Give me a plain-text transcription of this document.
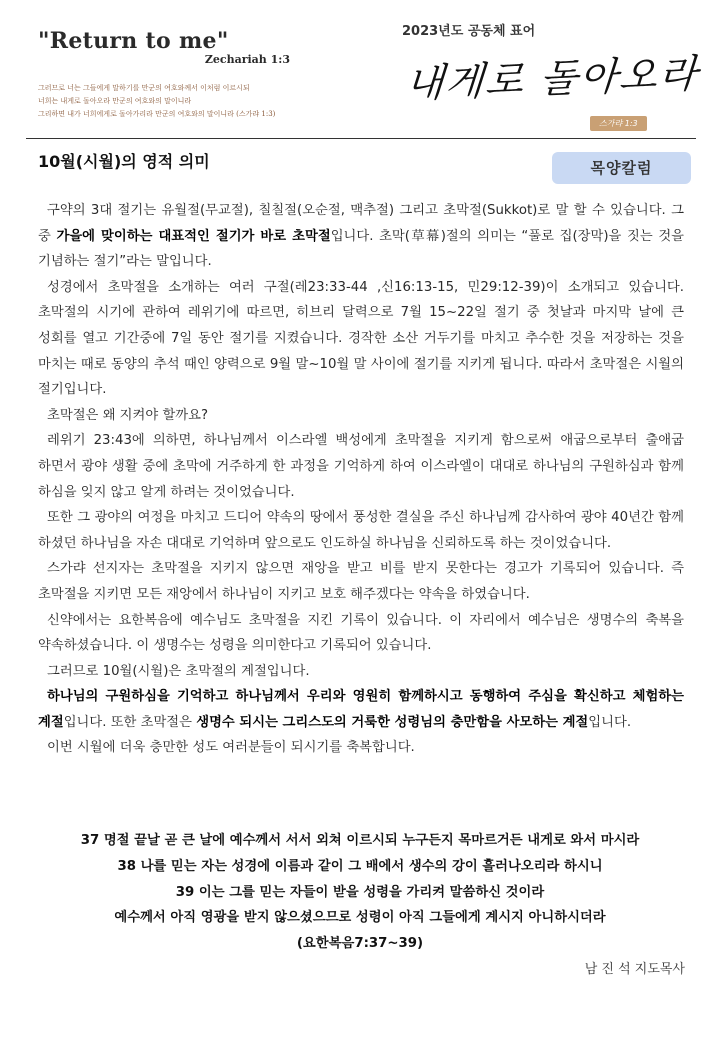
"Return to me"
Zechariah 1:3
그러므로 너는 그들에게 말하기를 만군의 여호와께서 이처럼 이르시되
너희는 내게로 돌아오라 만군의 여호와의 말이니라
그리하면 내가 너희에게로 돌아가리라 만군의 여호와의 말이니라 (스가랴 1:3)
2023년도 공동체 표어
내게로 돌아오라
스가랴 1:3
10월(시월)의 영적 의미	목양칼럼

구약의 3대 절기는 유월절(무교절), 칠칠절(오순절, 맥추절) 그리고 초막절(Sukkot)로 말 할 수 있습니다. 그 중 가을에 맞이하는 대표적인 절기가 바로 초막절입니다. 초막(草幕)절의 의미는 “풀로 집(장막)을 짓는 것을 기념하는 절기”라는 말입니다.

성경에서 초막절을 소개하는 여러 구절(레23:33-44 ,신16:13-15, 민29:12-39)이 소개되고 있습니다. 초막절의 시기에 관하여 레위기에 따르면, 히브리 달력으로 7월 15~22일 절기 중 첫날과 마지막 날에 큰 성회를 열고 기간중에 7일 동안 절기를 지켰습니다. 경작한 소산 거두기를 마치고 추수한 것을 저장하는 것을 마치는 때로 동양의 추석 때인 양력으로 9월 말~10월 말 사이에 절기를 지키게 됩니다. 따라서 초막절은 시월의 절기입니다.

초막절은 왜 지켜야 할까요?

레위기 23:43에 의하면, 하나님께서 이스라엘 백성에게 초막절을 지키게 함으로써 애굽으로부터 출애굽 하면서 광야 생활 중에 초막에 거주하게 한 과정을 기억하게 하여 이스라엘이 대대로 하나님의 구원하심과 함께 하심을 잊지 않고 알게 하려는 것이었습니다.

또한 그 광야의 여정을 마치고 드디어 약속의 땅에서 풍성한 결실을 주신 하나님께 감사하여 광야 40년간 함께 하셨던 하나님을 자손 대대로 기억하며 앞으로도 인도하실 하나님을 신뢰하도록 하는 것이었습니다.

스가랴 선지자는 초막절을 지키지 않으면 재앙을 받고 비를 받지 못한다는 경고가 기록되어 있습니다. 즉 초막절을 지키면 모든 재앙에서 하나님이 지키고 보호 해주겠다는 약속을 하였습니다.

신약에서는 요한복음에 예수님도 초막절을 지킨 기록이 있습니다. 이 자리에서 예수님은 생명수의 축복을 약속하셨습니다. 이 생명수는 성령을 의미한다고 기록되어 있습니다.

그러므로 10월(시월)은 초막절의 계절입니다.

하나님의 구원하심을 기억하고 하나님께서 우리와 영원히 함께하시고 동행하여 주심을 확신하고 체험하는 계절입니다. 또한 초막절은 생명수 되시는 그리스도의 거룩한 성령님의 충만함을 사모하는 계절입니다.

이번 시월에 더욱 충만한 성도 여러분들이 되시기를 축복합니다.

37 명절 끝날 곧 큰 날에 예수께서 서서 외쳐 이르시되 누구든지 목마르거든 내게로 와서 마시라
38 나를 믿는 자는 성경에 이름과 같이 그 배에서 생수의 강이 흘러나오리라 하시니
39 이는 그를 믿는 자들이 받을 성령을 가리켜 말씀하신 것이라
예수께서 아직 영광을 받지 않으셨으므로 성령이 아직 그들에게 계시지 아니하시더라
(요한복음7:37~39)
남 진 석 지도목사
